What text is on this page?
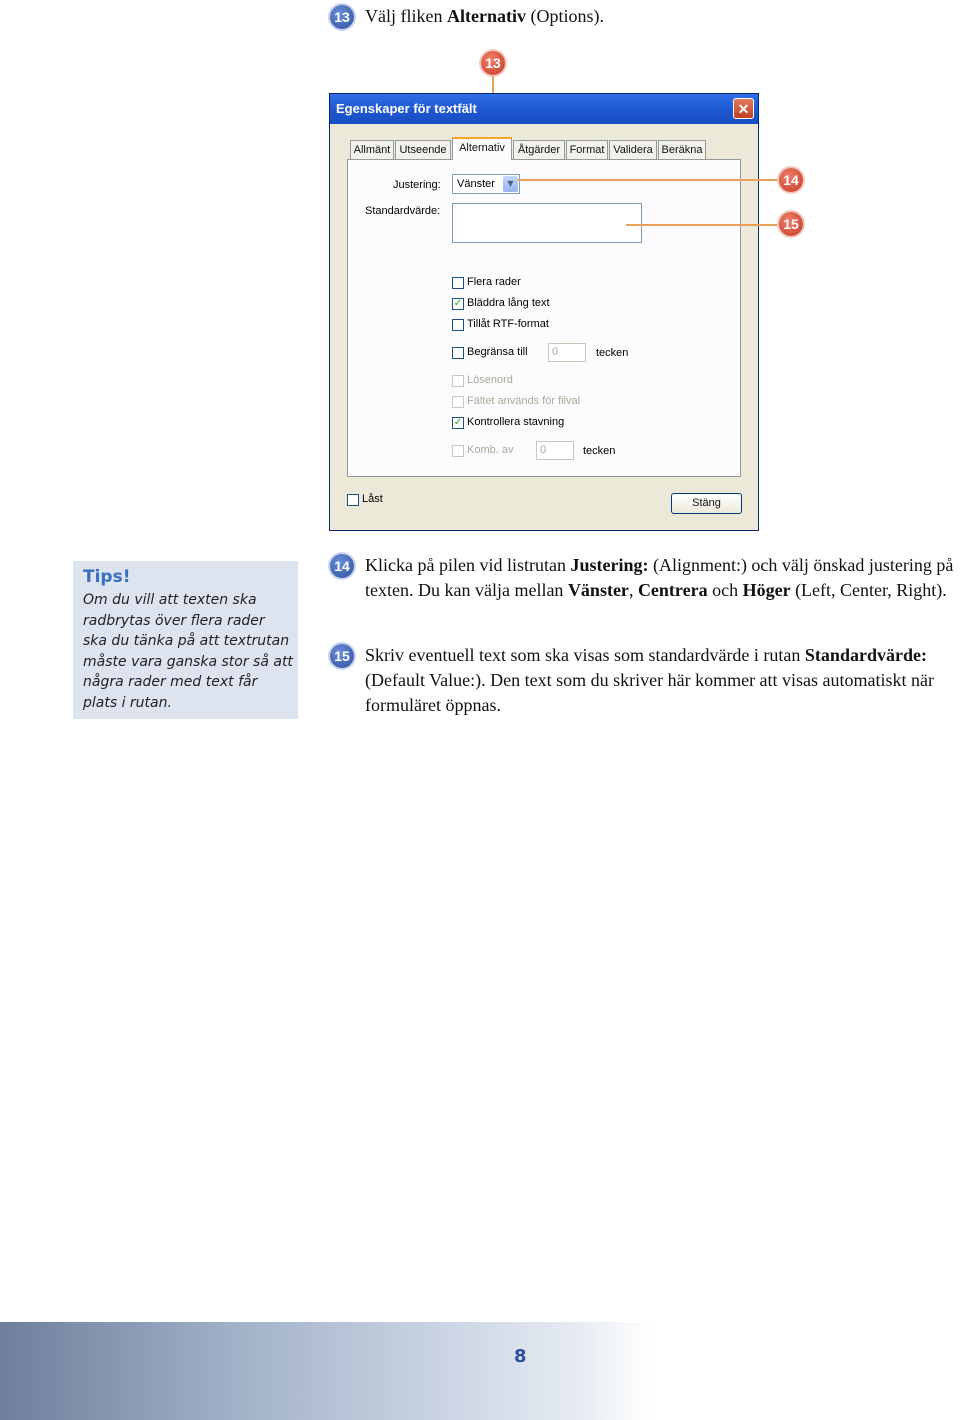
13 Välj fliken Alternativ (Options).
13
Egenskaper för textfält	✕
Allmänt Utseende	Alternativ	Åtgärder Format Validera Beräkna
Justering: Vänster	▼
Standardvärde:
Flera rader
✓ Bläddra lång text
Tillåt RTF-format
Begränsa till 0	tecken
Lösenord
Fältet används för filval
✓ Kontrollera stavning
Komb. av 0	tecken
Låst	Stäng
14
15
Tips!
Om du vill att texten ska radbrytas över flera rader ska du tänka på att textrutan måste vara ganska stor så att några rader med text får plats i rutan.
14 Klicka på pilen vid listrutan Justering: (Alignment:) och välj önskad justering på texten. Du kan välja mellan Vänster, Centrera och Höger (Left, Center, Right).
15 Skriv eventuell text som ska visas som standardvärde i rutan Standardvärde: (Default Value:). Den text som du skriver här kommer att visas automatiskt när formuläret öppnas.
8
